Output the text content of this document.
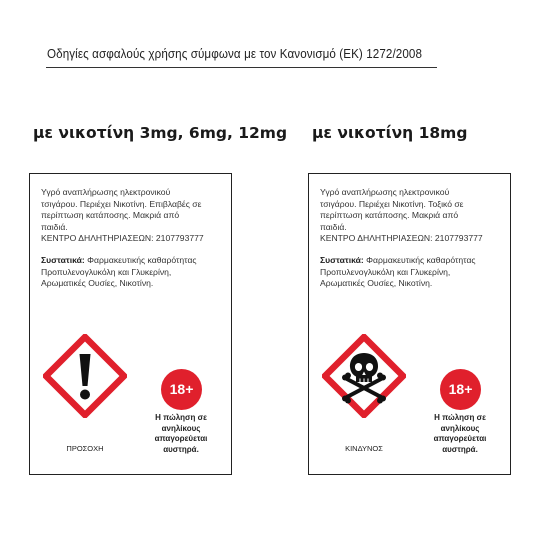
Οδηγίες ασφαλούς χρήσης σύμφωνα με τον Κανονισμό (ΕΚ) 1272/2008
με νικοτίνη 3mg, 6mg, 12mg με νικοτίνη 18mg

Υγρό αναπλήρωσης ηλεκτρονικού

τσιγάρου. Περιέχει Νικοτίνη. Επιβλαβές σε

περίπτωση κατάποσης. Μακριά από

παιδιά.

ΚΕΝΤΡΟ ΔΗΛΗΤΗΡΙΑΣΕΩΝ: 2107793777

Συστατικά: Φαρμακευτικής καθαρότητας

Προπυλενογλυκόλη και Γλυκερίνη,

Αρωματικές Ουσίες, Νικοτίνη.

ΠΡΟΣΟΧΗ
18+
Η πώληση σε
ανηλίκους
απαγορεύεται
αυστηρά.

Υγρό αναπλήρωσης ηλεκτρονικού

τσιγάρου. Περιέχει Νικοτίνη. Τοξικό σε

περίπτωση κατάποσης. Μακριά από

παιδιά.

ΚΕΝΤΡΟ ΔΗΛΗΤΗΡΙΑΣΕΩΝ: 2107793777

Συστατικά: Φαρμακευτικής καθαρότητας

Προπυλενογλυκόλη και Γλυκερίνη,

Αρωματικές Ουσίες, Νικοτίνη.

ΚΙΝΔΥΝΟΣ
18+
Η πώληση σε
ανηλίκους
απαγορεύεται
αυστηρά.
